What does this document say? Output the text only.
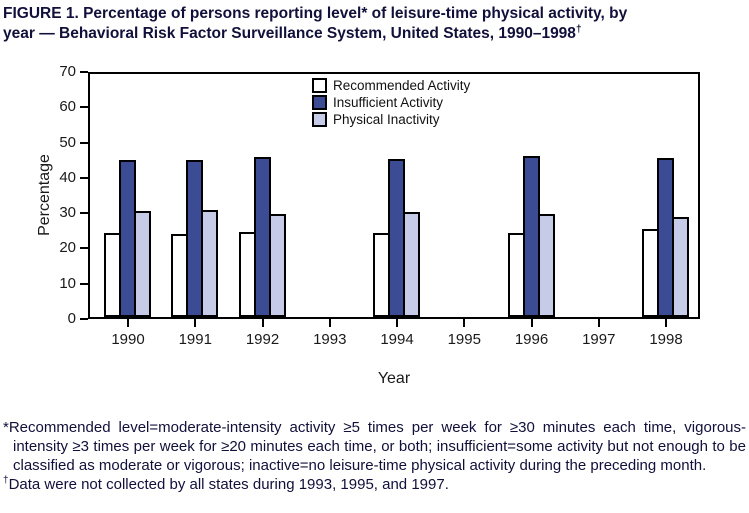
FIGURE 1. Percentage of persons reporting level* of leisure-time physical activity, by
year — Behavioral Risk Factor Surveillance System, United States, 1990–1998†
Percentage
Recommended Activity
Insufficient Activity
Physical Inactivity
0
10
20
30
40
50
60
70
1990	1991	1992	1993	1994	1995	1996	1997	1998
Year

*Recommended level=moderate-intensity activity ≥5 times per week for ≥30 minutes each time, vigorous-intensity ≥3 times per week for ≥20 minutes each time, or both; insufficient=some activity but not enough to be classified as moderate or vigorous; inactive=no leisure-time physical activity during the preceding month.

†Data were not collected by all states during 1993, 1995, and 1997.
